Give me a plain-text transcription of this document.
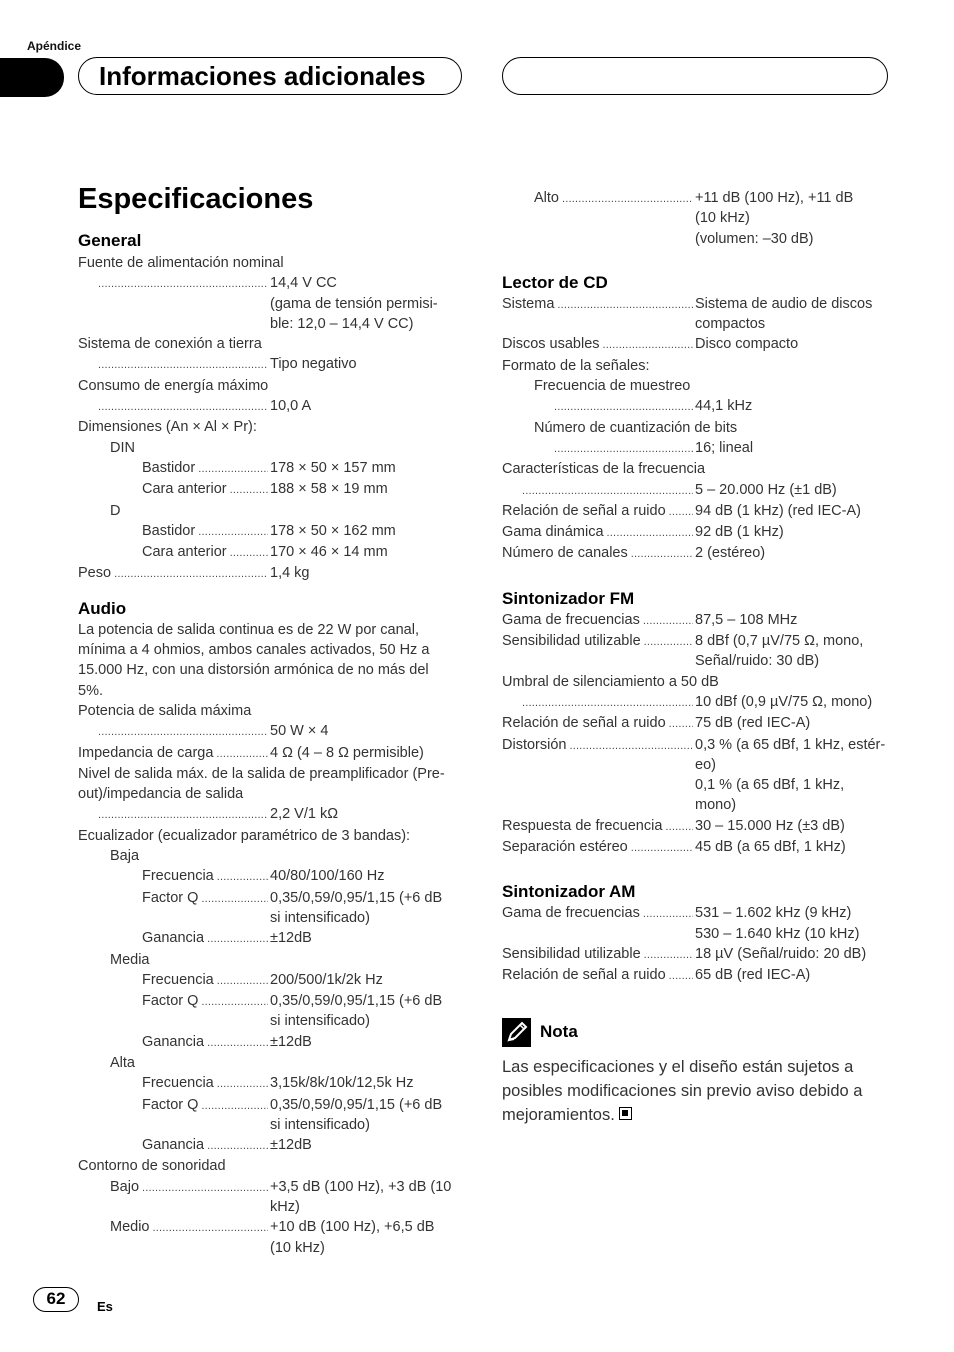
Apéndice
Informaciones adicionales
Especificaciones
General
Fuente de alimentación nominal
.....
14,4 V CC
(gama de tensión permisi-
ble: 12,0 – 14,4 V CC)
Sistema de conexión a tierra
.....
Tipo negativo
Consumo de energía máximo
.....
10,0 A
Dimensiones (An × Al × Pr):
DIN
Bastidor .....	178 × 50 × 157 mm
Cara anterior .....	188 × 58 × 19 mm
D
Bastidor .....	178 × 50 × 162 mm
Cara anterior .....	170 × 46 × 14 mm
Peso .....	1,4 kg
Audio
La potencia de salida continua es de 22 W por canal,
mínima a 4 ohmios, ambos canales activados, 50 Hz a
15.000 Hz, con una distorsión armónica de no más del
5%.
Potencia de salida máxima
.....
50 W × 4
Impedancia de carga .....	4 Ω (4 – 8 Ω permisible)
Nivel de salida máx. de la salida de preamplificador (Pre-
out)/impedancia de salida
.....
2,2 V/1 kΩ
Ecualizador (ecualizador paramétrico de 3 bandas):
Baja
Frecuencia .....	40/80/100/160 Hz
Factor Q .....	0,35/0,59/0,95/1,15 (+6 dB
si intensificado)
Ganancia .....	±12dB
Media
Frecuencia .....	200/500/1k/2k Hz
Factor Q .....	0,35/0,59/0,95/1,15 (+6 dB
si intensificado)
Ganancia .....	±12dB
Alta
Frecuencia .....	3,15k/8k/10k/12,5k Hz
Factor Q .....	0,35/0,59/0,95/1,15 (+6 dB
si intensificado)
Ganancia .....	±12dB
Contorno de sonoridad
Bajo .....	+3,5 dB (100 Hz), +3 dB (10
kHz)
Medio .....	+10 dB (100 Hz), +6,5 dB
(10 kHz)
Alto .....	+11 dB (100 Hz), +11 dB
(10 kHz)
(volumen: –30 dB)
Lector de CD
Sistema .....	Sistema de audio de discos
compactos
Discos usables .....	Disco compacto
Formato de la señales:
Frecuencia de muestreo
.....
44,1 kHz
Número de cuantización de bits
.....
16; lineal
Características de la frecuencia
.....
5 – 20.000 Hz (±1 dB)
Relación de señal a ruido ..... 94 dB (1 kHz) (red IEC-A)
Gama dinámica .....	92 dB (1 kHz)
Número de canales .....	2 (estéreo)
Sintonizador FM
Gama de frecuencias .....	87,5 – 108 MHz
Sensibilidad utilizable .....	8 dBf (0,7 µV/75 Ω, mono,
Señal/ruido: 30 dB)
Umbral de silenciamiento a 50 dB
.....
10 dBf (0,9 µV/75 Ω, mono)
Relación de señal a ruido ..... 75 dB (red IEC-A)
Distorsión .....	0,3 % (a 65 dBf, 1 kHz, estér-
eo)
0,1 % (a 65 dBf, 1 kHz,
mono)
Respuesta de frecuencia ..... 30 – 15.000 Hz (±3 dB)
Separación estéreo .....	45 dB (a 65 dBf, 1 kHz)
Sintonizador AM
Gama de frecuencias .....	531 – 1.602 kHz (9 kHz)
530 – 1.640 kHz (10 kHz)
Sensibilidad utilizable .....	18 µV (Señal/ruido: 20 dB)
Relación de señal a ruido ..... 65 dB (red IEC-A)
Nota
Las especificaciones y el diseño están sujetos a posibles modificaciones sin previo aviso debido a mejoramientos.
62	Es
